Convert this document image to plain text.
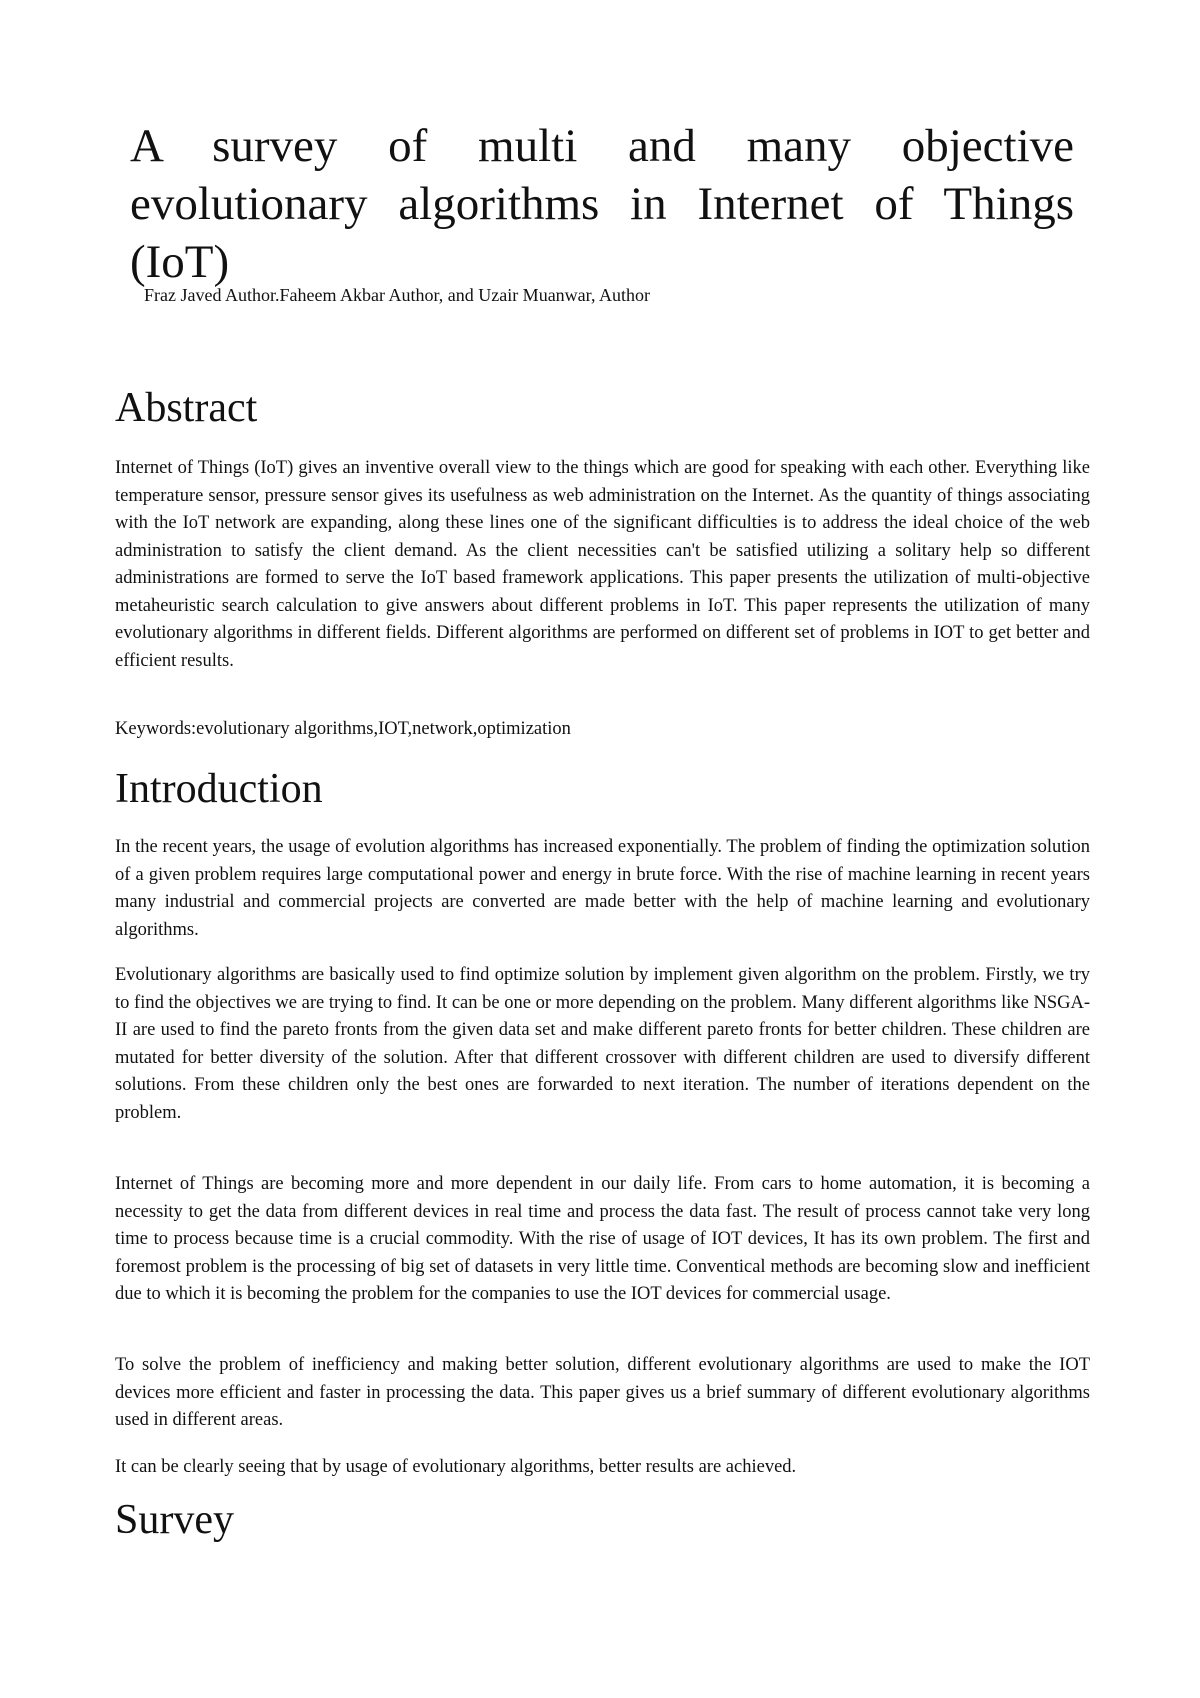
A survey of multi and many objective evolutionary algorithms in Internet of Things (IoT)

Fraz Javed Author.Faheem Akbar Author, and Uzair Muanwar, Author

Abstract

Internet of Things (IoT) gives an inventive overall view to the things which are good for speaking with each other. Everything like temperature sensor, pressure sensor gives its usefulness as web administration on the Internet. As the quantity of things associating with the IoT network are expanding, along these lines one of the significant difficulties is to address the ideal choice of the web administration to satisfy the client demand. As the client necessities can't be satisfied utilizing a solitary help so different administrations are formed to serve the IoT based framework applications. This paper presents the utilization of multi-objective metaheuristic search calculation to give answers about different problems in IoT. This paper represents the utilization of many evolutionary algorithms in different fields. Different algorithms are performed on different set of problems in IOT to get better and efficient results.

Keywords:evolutionary algorithms,IOT,network,optimization

Introduction

In the recent years, the usage of evolution algorithms has increased exponentially. The problem of finding the optimization solution of a given problem requires large computational power and energy in brute force. With the rise of machine learning in recent years many industrial and commercial projects are converted are made better with the help of machine learning and evolutionary algorithms.

Evolutionary algorithms are basically used to find optimize solution by implement given algorithm on the problem. Firstly, we try to find the objectives we are trying to find. It can be one or more depending on the problem. Many different algorithms like NSGA-II are used to find the pareto fronts from the given data set and make different pareto fronts for better children. These children are mutated for better diversity of the solution. After that different crossover with different children are used to diversify different solutions. From these children only the best ones are forwarded to next iteration. The number of iterations dependent on the problem.

Internet of Things are becoming more and more dependent in our daily life. From cars to home automation, it is becoming a necessity to get the data from different devices in real time and process the data fast. The result of process cannot take very long time to process because time is a crucial commodity. With the rise of usage of IOT devices, It has its own problem. The first and foremost problem is the processing of big set of datasets in very little time. Conventical methods are becoming slow and inefficient due to which it is becoming the problem for the companies to use the IOT devices for commercial usage.

To solve the problem of inefficiency and making better solution, different evolutionary algorithms are used to make the IOT devices more efficient and faster in processing the data. This paper gives us a brief summary of different evolutionary algorithms used in different areas.

It can be clearly seeing that by usage of evolutionary algorithms, better results are achieved.

Survey
